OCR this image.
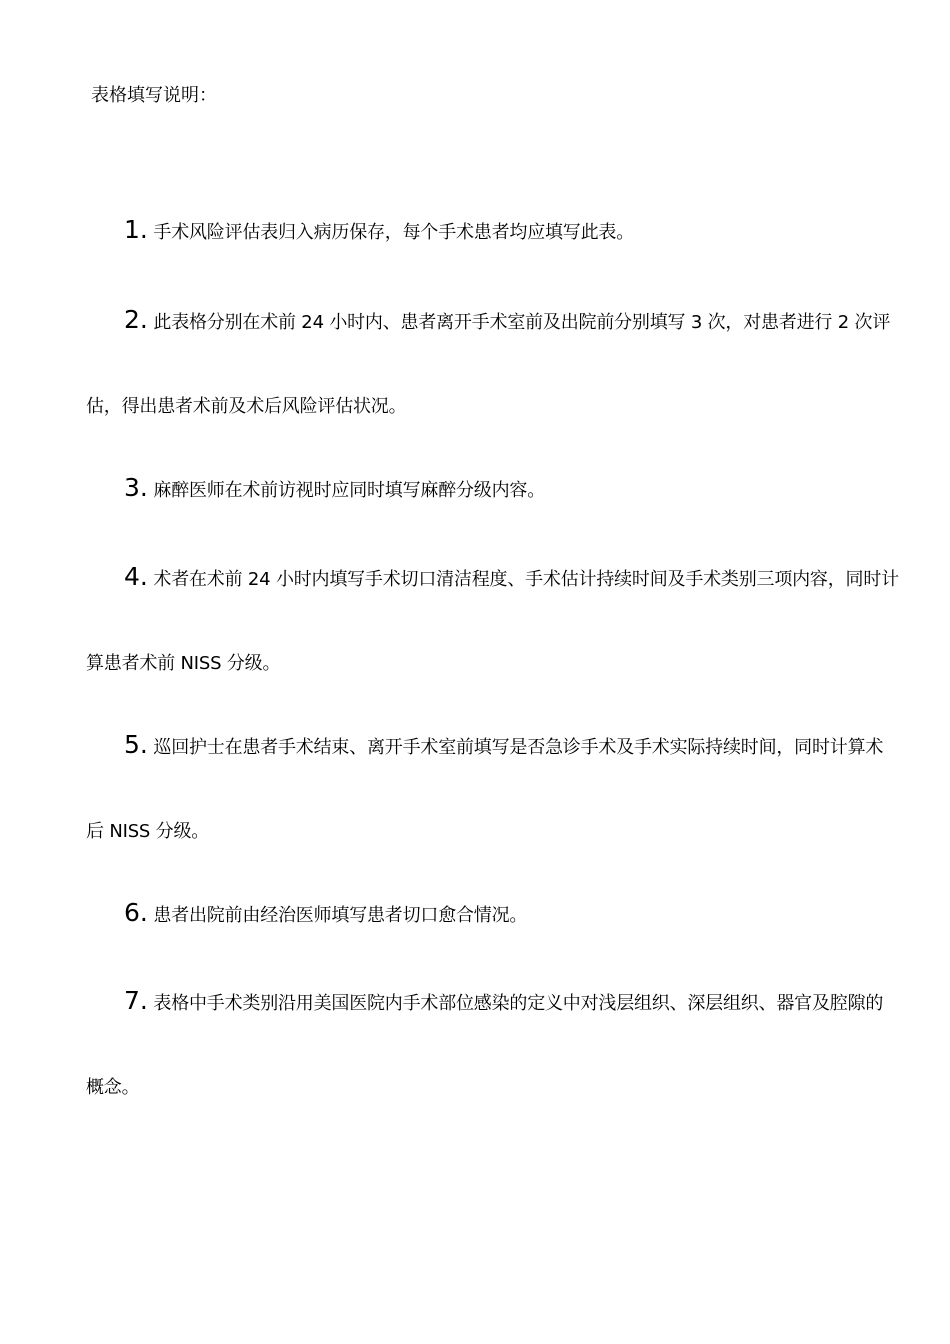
表格填写说明：
1. 手术风险评估表归入病历保存，每个手术患者均应填写此表。
2. 此表格分别在术前 24 小时内、患者离开手术室前及出院前分别填写 3 次，对患者进行 2 次评估，得出患者术前及术后风险评估状况。
3. 麻醉医师在术前访视时应同时填写麻醉分级内容。
4. 术者在术前 24 小时内填写手术切口清洁程度、手术估计持续时间及手术类别三项内容，同时计算患者术前 NISS 分级。
5. 巡回护士在患者手术结束、离开手术室前填写是否急诊手术及手术实际持续时间，同时计算术后 NISS 分级。
6. 患者出院前由经治医师填写患者切口愈合情况。
7. 表格中手术类别沿用美国医院内手术部位感染的定义中对浅层组织、深层组织、器官及腔隙的概念。
